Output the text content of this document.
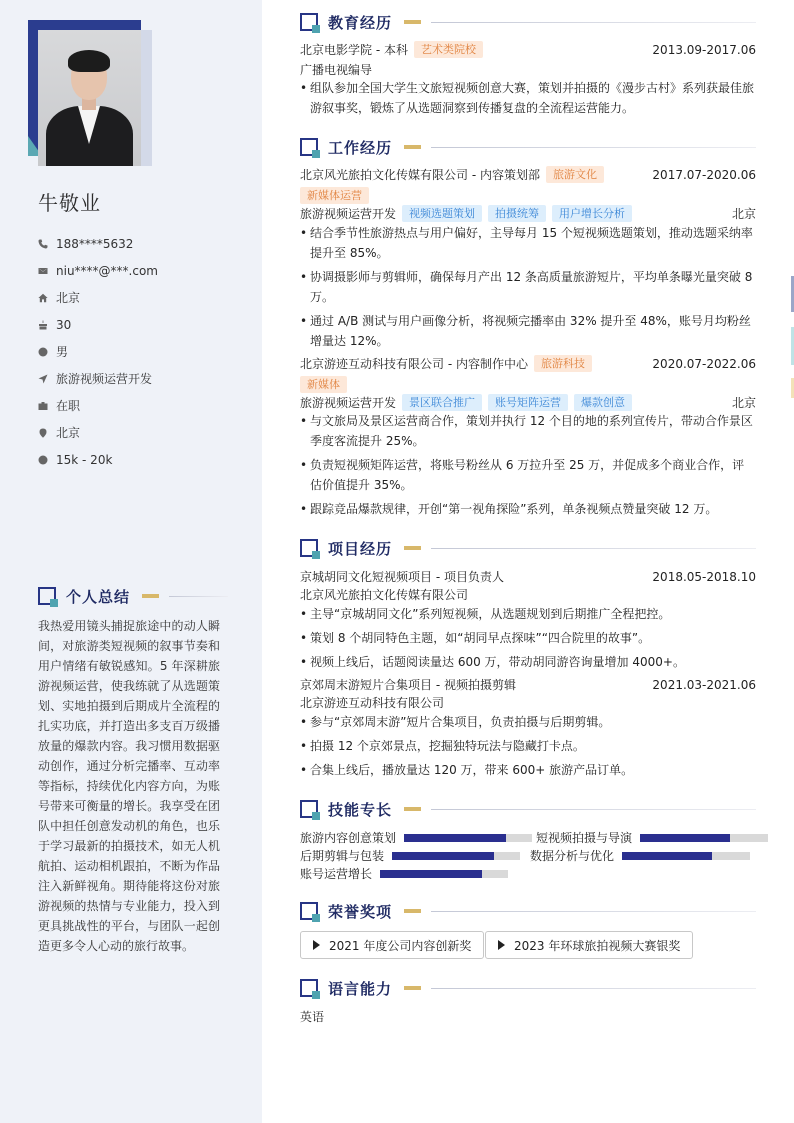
牛敬业
188****5632
niu****@***.com
北京
30
男
旅游视频运营开发
在职
北京
15k - 20k
个人总结
我热爱用镜头捕捉旅途中的动人瞬间，对旅游类短视频的叙事节奏和用户情绪有敏锐感知。5 年深耕旅游视频运营，使我练就了从选题策划、实地拍摄到后期成片全流程的扎实功底，并打造出多支百万级播放量的爆款内容。我习惯用数据驱动创作，通过分析完播率、互动率等指标，持续优化内容方向，为账号带来可衡量的增长。我享受在团队中担任创意发动机的角色，也乐于学习最新的拍摄技术，如无人机航拍、运动相机跟拍，不断为作品注入新鲜视角。期待能将这份对旅游视频的热情与专业能力，投入到更具挑战性的平台，与团队一起创造更多令人心动的旅行故事。
教育经历
北京电影学院 - 本科	艺术类院校	2013.09-2017.06
广播电视编导
• 组队参加全国大学生文旅短视频创意大赛，策划并拍摄的《漫步古村》系列获最佳旅游叙事奖，锻炼了从选题洞察到传播复盘的全流程运营能力。
工作经历
北京风光旅拍文化传媒有限公司 - 内容策划部	旅游文化	2017.07-2020.06
新媒体运营
旅游视频运营开发	视频选题策划	拍摄统筹	用户增长分析	北京
• 结合季节性旅游热点与用户偏好，主导每月 15 个短视频选题策划，推动选题采纳率提升至 85%。
• 协调摄影师与剪辑师，确保每月产出 12 条高质量旅游短片，平均单条曝光量突破 8 万。
• 通过 A/B 测试与用户画像分析，将视频完播率由 32% 提升至 48%，账号月均粉丝增量达 12%。
北京游迹互动科技有限公司 - 内容制作中心	旅游科技	2020.07-2022.06
新媒体
旅游视频运营开发	景区联合推广	账号矩阵运营	爆款创意	北京
• 与文旅局及景区运营商合作，策划并执行 12 个目的地的系列宣传片，带动合作景区季度客流提升 25%。
• 负责短视频矩阵运营，将账号粉丝从 6 万拉升至 25 万，并促成多个商业合作，评估价值提升 35%。
• 跟踪竞品爆款规律，开创“第一视角探险”系列，单条视频点赞量突破 12 万。
项目经历
京城胡同文化短视频项目 - 项目负责人	2018.05-2018.10
北京风光旅拍文化传媒有限公司
• 主导“京城胡同文化”系列短视频，从选题规划到后期推广全程把控。
• 策划 8 个胡同特色主题，如“胡同早点探味”“四合院里的故事”。
• 视频上线后，话题阅读量达 600 万，带动胡同游咨询量增加 4000+。
京郊周末游短片合集项目 - 视频拍摄剪辑	2021.03-2021.06
北京游迹互动科技有限公司
• 参与“京郊周末游”短片合集项目，负责拍摄与后期剪辑。
• 拍摄 12 个京郊景点，挖掘独特玩法与隐藏打卡点。
• 合集上线后，播放量达 120 万，带来 600+ 旅游产品订单。
技能专长
旅游内容创意策划	短视频拍摄与导演
后期剪辑与包装	数据分析与优化
账号运营增长
荣誉奖项
2021 年度公司内容创新奖	2023 年环球旅拍视频大赛银奖
语言能力
英语
